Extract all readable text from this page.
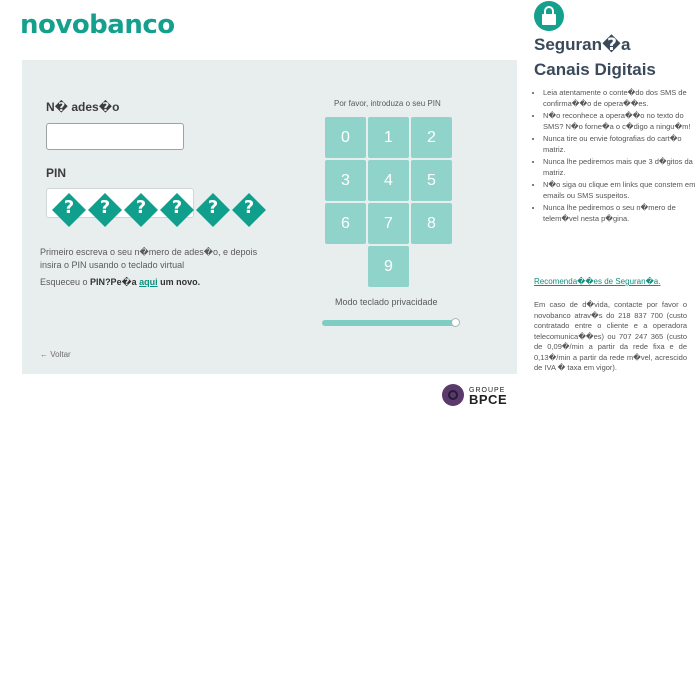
novobanco
N� ades�o
PIN
?	?	?	?	?	?
Primeiro escreva o seu n�mero de ades�o, e depois insira o PIN usando o teclado virtual
Esqueceu o PIN?Pe�a aqui um novo.
← Voltar
Por favor, introduza o seu PIN
0	1	2
3	4	5
6	7	8
9
Modo teclado privacidade
GROUPE
BPCE
Seguran�a
Canais Digitais
• Leia atentamente o conte�do dos SMS de confirma��o de opera��es.
• N�o reconhece a opera��o no texto do SMS? N�o forne�a o c�digo a ningu�m!
• Nunca tire ou envie fotografias do cart�o matriz.
• Nunca lhe pediremos mais que 3 d�gitos da matriz.
• N�o siga ou clique em links que constem em emails ou SMS suspeitos.
• Nunca lhe pediremos o seu n�mero de telem�vel nesta p�gina.
Recomenda��es de Seguran�a.
Em caso de d�vida, contacte por favor o novobanco atrav�s do 218 837 700 (custo contratado entre o cliente e a operadora telecomunica��es) ou 707 247 365 (custo de 0,09�/min a partir da rede fixa e de 0,13�/min a partir da rede m�vel, acrescido de IVA � taxa em vigor).
